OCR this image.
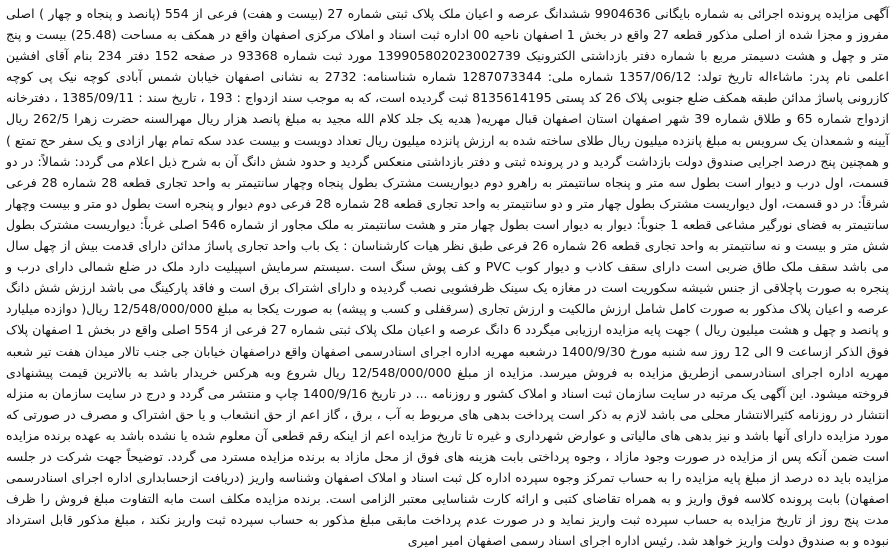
آگهی مزایده پرونده اجرائی به شماره بایگانی 9904636 ششدانگ عرصه و اعیان ملک پلاک ثبتی شماره 27 (بیست و هفت) فرعی از 554 (پانصد و پنجاه و چهار ) اصلی مفروز و مجزا شده از اصلی مذکور قطعه 27 واقع در بخش 1 اصفهان ناحیه 00 اداره ثبت اسناد و املاک مرکزی اصفهان واقع در همکف به مساحت (25.48) بیست و پنج متر و چهل و هشت دسیمتر مربع با شماره دفتر بازداشتی الکترونیک 139905802023002739 مورد ثبت شماره 93368 در صفحه 152 دفتر 234 بنام آقای افشین اعلمی نام پدر: ماشاءاله تاریخ تولد: 1357/06/12 شماره ملی: 1287073344 شماره شناسنامه: 2732 به نشانی اصفهان خیابان شمس آبادی کوچه نیک پی کوچه کازرونی پاساژ مدائن طبقه همکف ضلع جنوبی پلاک 26 کد پستی 8135614195 ثبت گردیده است، که به موجب سند ازدواج : 193 ، تاریخ سند : 1385/09/11 ، دفترخانه ازدواج شماره 65 و طلاق شماره 39 شهر اصفهان استان اصفهان قبال مهریه( هدیه یک جلد کلام الله مجید به مبلغ پانصد هزار ریال مهرالسنه حضرت زهرا 262/5 ریال آیینه و شمعدان یک سرویس به مبلغ پانزده میلیون ریال طلای ساخته شده به ارزش پانزده میلیون ریال تعداد دویست و بیست عدد سکه تمام بهار ازادی و یک سفر حج تمتع ) و همچنین پنج درصد اجرایی صندوق دولت بازداشت گردید و در پرونده ثبتی و دفتر بازداشتی منعکس گردید و حدود شش دانگ آن به شرح ذیل اعلام می گردد: شمالاً: در دو قسمت، اول درب و دیوار است بطول سه متر و پنجاه سانتیمتر به راهرو دوم دیواریست مشترک بطول پنجاه وچهار سانتیمتر به واحد تجاری قطعه 28 شماره 28 فرعی شرقاً: در دو قسمت، اول دیواریست مشترک بطول چهار متر و دو سانتیمتر به واحد تجاری قطعه 28 شماره 28 فرعی دوم دیوار و پنجره است بطول دو متر و بیست وچهار سانتیمتر به فضای نورگیر مشاعی قطعه 1 جنوباً: دیوار به دیوار است بطول چهار متر و هشت سانتیمتر به ملک مجاور از شماره 546 اصلی غرباً: دیواریست مشترک بطول شش متر و بیست و نه سانتیمتر به واحد تجاری قطعه 26 شماره 26 فرعی طبق نظر هیات کارشناسان : یک باب واحد تجاری پاساژ مدائن دارای قدمت بیش از چهل سال می باشد سقف ملک طاق ضربی است دارای سقف کاذب و دیوار کوب PVC و کف پوش سنگ است .سیستم سرمایش اسپیلیت دارد ملک در ضلع شمالی دارای درب و پنجره به صورت پاچلاقی از جنس شیشه سکوریت است در مغازه یک سینک ظرفشویی نصب گردیده و دارای اشتراک برق است و فاقد پارکینگ می باشد ارزش شش دانگ عرصه و اعیان پلاک مذکور به صورت کامل شامل ارزش مالکیت و ارزش تجاری (سرقفلی و کسب و پیشه) به صورت یکجا به مبلغ 12/548/000/000 ریال( دوازده میلیارد و پانصد و چهل و هشت میلیون ریال ) جهت پایه مزایده ارزیابی میگردد 6 دانگ عرصه و اعیان ملک پلاک ثبتی شماره 27 فرعی از 554 اصلی واقع در بخش 1 اصفهان پلاک فوق الذکر ازساعت 9 الی 12 روز سه شنبه مورخ 1400/9/30 درشعبه مهریه اداره اجرای اسنادرسمی اصفهان واقع دراصفهان خیابان جی جنب تالار میدان هفت تیر شعبه مهریه اداره اجرای اسنادرسمی ازطریق مزایده به فروش میرسد. مزایده از مبلغ 12/548/000/000 ریال شروع وبه هرکس خریدار باشد به بالاترین قیمت پیشنهادی فروخته میشود. این آگهی یک مرتبه در سایت سازمان ثبت اسناد و املاک کشور و روزنامه ... در تاریخ 1400/9/16 چاپ و منتشر می گردد و درج در سایت سازمان به منزله انتشار در روزنامه کثیرالانتشار محلی می باشد لازم به ذکر است پرداخت بدهی های مربوط به آب ، برق ، گاز اعم از حق انشعاب و یا حق اشتراک و مصرف در صورتی که مورد مزایده دارای آنها باشد و نیز بدهی های مالیاتی و عوارض شهرداری و غیره تا تاریخ مزایده اعم از اینکه رقم قطعی آن معلوم شده یا نشده باشد به عهده برنده مزایده است ضمن آنکه پس از مزایده در صورت وجود مازاد ، وجوه پرداختی بابت هزینه های فوق از محل مازاد به برنده مزایده مسترد می گردد. توضیحاً جهت شرکت در جلسه مزایده باید ده درصد از مبلغ پایه مزایده را به حساب تمرکز وجوه سپرده اداره کل ثبت اسناد و املاک اصفهان وشناسه واریز (دریافت ازحسابداری اداره اجرای اسنادرسمی اصفهان) بابت پرونده کلاسه فوق واریز و به همراه تقاضای کتبی و ارائه کارت شناسایی معتبر الزامی است. برنده مزایده مکلف است مابه التفاوت مبلغ فروش را ظرف مدت پنج روز از تاریخ مزایده به حساب سپرده ثبت واریز نماید و در صورت عدم پرداخت مابقی مبلغ مذکور به حساب سپرده ثبت واریز نکند ، مبلغ مذکور قابل استرداد نبوده و به صندوق دولت واریز خواهد شد. رئیس اداره اجرای اسناد رسمی اصفهان امیر امیری
